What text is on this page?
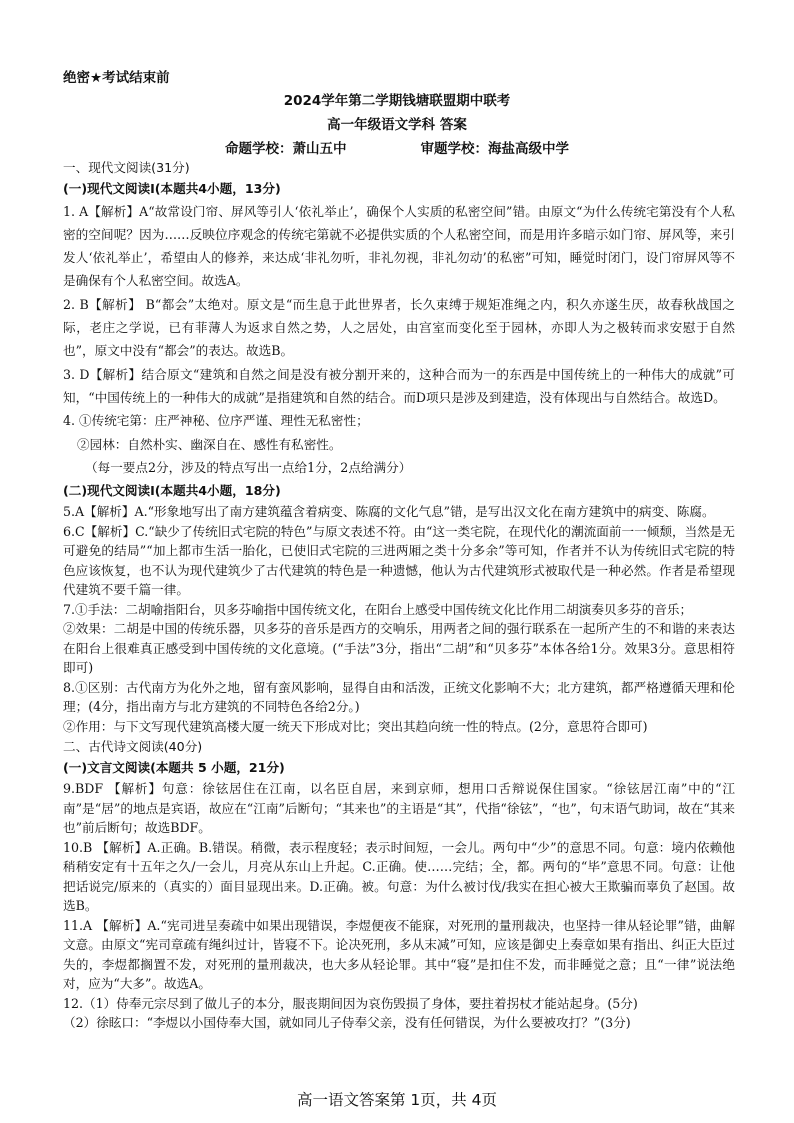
绝密★考试结束前
2024学年第二学期钱塘联盟期中联考
高一年级语文学科 答案
命题学校：萧山五中	审题学校：海盐高级中学

一、现代文阅读(31分)

(一)现代文阅读Ⅰ(本题共4小题，13分)

1. A【解析】A“故常设门帘、屏风等引人‘依礼举止’，确保个人实质的私密空间”错。由原文“为什么传统宅第没有个人私密的空间呢？因为……反映位序观念的传统宅第就不必提供实质的个人私密空间，而是用许多暗示如门帘、屏风等，来引发人‘依礼举止’，希望由人的修养，来达成‘非礼勿听，非礼勿视，非礼勿动’的私密”可知，睡觉时闭门，设门帘屏风等不是确保有个人私密空间。故选A。

2. B【解析】 B“都会”太绝对。原文是“而生息于此世界者，长久束缚于规矩准绳之内，积久亦遂生厌，故春秋战国之际，老庄之学说，已有菲薄人为返求自然之势，人之居处，由宫室而变化至于园林，亦即人为之极转而求安慰于自然也”，原文中没有“都会”的表达。故选B。

3. D【解析】结合原文“建筑和自然之间是没有被分割开来的，这种合而为一的东西是中国传统上的一种伟大的成就”可知，“中国传统上的一种伟大的成就”是指建筑和自然的结合。而D项只是涉及到建造，没有体现出与自然结合。故选D。

4. ①传统宅第：庄严神秘、位序严谨、理性无私密性；

②园林：自然朴实、幽深自在、感性有私密性。

（每一要点2分，涉及的特点写出一点给1分，2点给满分）

(二)现代文阅读Ⅰ(本题共4小题，18分)

5.A【解析】A.“形象地写出了南方建筑蕴含着病变、陈腐的文化气息”错，是写出汉文化在南方建筑中的病变、陈腐。

6.C【解析】C.“缺少了传统旧式宅院的特色”与原文表述不符。由“这一类宅院，在现代化的潮流面前一一倾颓，当然是无可避免的结局”“加上都市生活一胎化，已使旧式宅院的三进两厢之类十分多余”等可知，作者并不认为传统旧式宅院的特色应该恢复，也不认为现代建筑少了古代建筑的特色是一种遗憾，他认为古代建筑形式被取代是一种必然。作者是希望现代建筑不要千篇一律。

7.①手法：二胡喻指阳台，贝多芬喻指中国传统文化，在阳台上感受中国传统文化比作用二胡演奏贝多芬的音乐；

②效果：二胡是中国的传统乐器，贝多芬的音乐是西方的交响乐，用两者之间的强行联系在一起所产生的不和谐的来表达在阳台上很难真正感受到中国传统的文化意境。(“手法”3分，指出“二胡”和“贝多芬”本体各给1分。效果3分。意思相符即可)

8.①区别：古代南方为化外之地，留有蛮风影响，显得自由和活泼，正统文化影响不大；北方建筑，都严格遵循天理和伦理；(4分，指出南方与北方建筑的不同特色各给2分。)

②作用：与下文写现代建筑高楼大厦一统天下形成对比；突出其趋向统一性的特点。(2分，意思符合即可)

二、古代诗文阅读(40分)

(一)文言文阅读(本题共 5 小题，21分)

9.BDF 【解析】句意：徐铉居住在江南，以名臣自居，来到京师，想用口舌辩说保住国家。“徐铉居江南”中的“江南”是“居”的地点是宾语，故应在“江南”后断句；“其来也”的主语是“其”，代指“徐铉”，“也”，句末语气助词，故在“其来也”前后断句；故选BDF。

10.B 【解析】A.正确。B.错误。稍微，表示程度轻；表示时间短，一会儿。两句中“少”的意思不同。句意：境内依赖他稍稍安定有十五年之久/一会儿，月亮从东山上升起。C.正确。使……完结；全，都。两句的“毕”意思不同。句意：让他把话说完/原来的（真实的）面目显现出来。D.正确。被。句意：为什么被讨伐/我实在担心被大王欺骗而辜负了赵国。故选B。

11.A 【解析】A.“宪司进呈奏疏中如果出现错误，李煜便夜不能寐，对死刑的量刑裁决，也坚持一律从轻论罪”错，曲解文意。由原文“宪司章疏有绳纠过计，皆寝不下。论决死刑，多从末减”可知，应该是御史上奏章如果有指出、纠正大臣过失的，李煜都搁置不发，对死刑的量刑裁决，也大多从轻论罪。其中“寝”是扣住不发，而非睡觉之意；且“一律”说法绝对，应为“大多”。故选A。

12.（1）侍奉元宗尽到了做儿子的本分，服丧期间因为哀伤毁损了身体，要拄着拐杖才能站起身。(5分)

（2）徐眩口：“李煜以小国侍奉大国，就如同儿子侍奉父亲，没有任何错误，为什么要被攻打？”(3分)

高一语文答案第 1页，共 4页
